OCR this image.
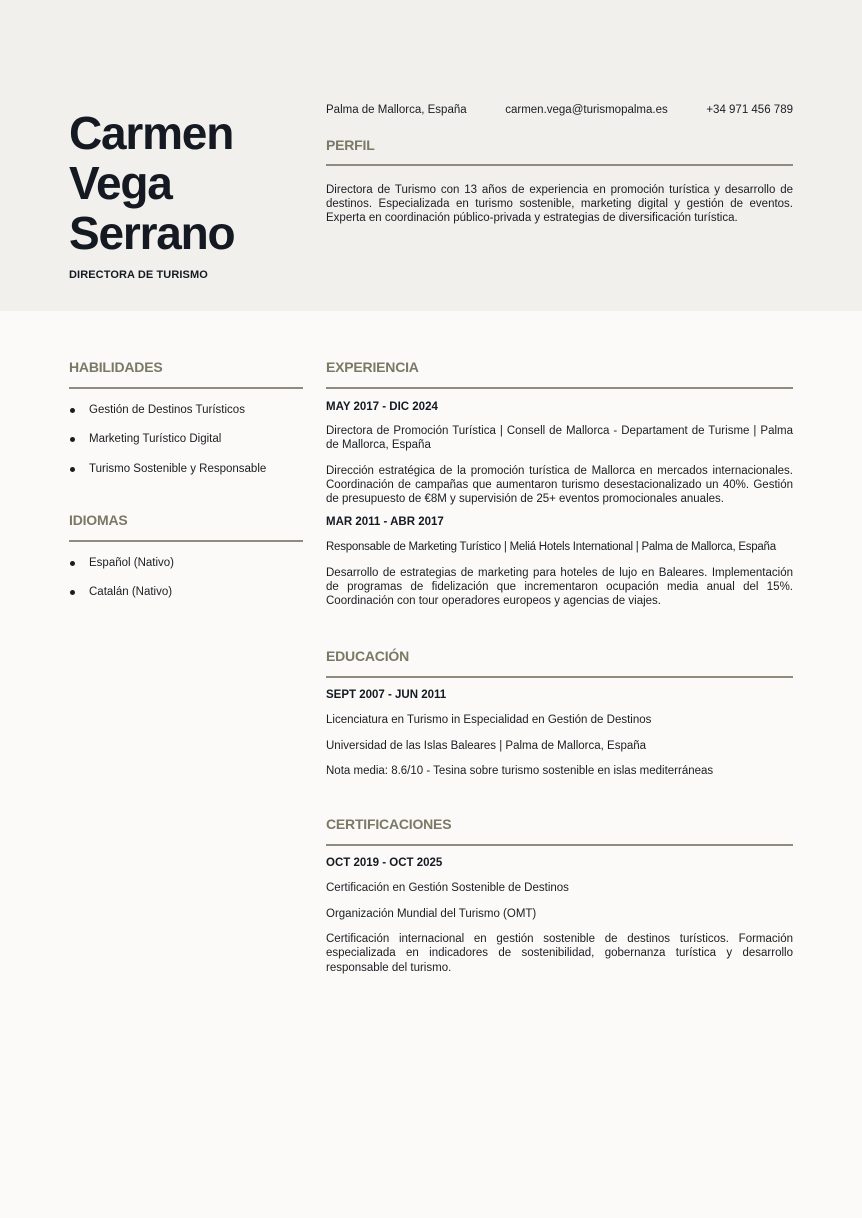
Carmen
Vega
Serrano
DIRECTORA DE TURISMO
Palma de Mallorca, España	carmen.vega@turismopalma.es	+34 971 456 789
PERFIL

Directora de Turismo con 13 años de experiencia en promoción turística y desarrollo de destinos. Especializada en turismo sostenible, marketing digital y gestión de eventos. Experta en coordinación público-privada y estrategias de diversificación turística.

HABILIDADES
Gestión de Destinos Turísticos
Marketing Turístico Digital
Turismo Sostenible y Responsable
IDIOMAS
Español (Nativo)
Catalán (Nativo)
EXPERIENCIA
MAY 2017 - DIC 2024
Directora de Promoción Turística | Consell de Mallorca - Departament de Turisme | Palma de Mallorca, España
Dirección estratégica de la promoción turística de Mallorca en mercados internacionales. Coordinación de campañas que aumentaron turismo desestacionalizado un 40%. Gestión de presupuesto de €8M y supervisión de 25+ eventos promocionales anuales.
MAR 2011 - ABR 2017
Responsable de Marketing Turístico | Meliá Hotels International | Palma de Mallorca, España
Desarrollo de estrategias de marketing para hoteles de lujo en Baleares. Implementación de programas de fidelización que incrementaron ocupación media anual del 15%. Coordinación con tour operadores europeos y agencias de viajes.
EDUCACIÓN
SEPT 2007 - JUN 2011
Licenciatura en Turismo in Especialidad en Gestión de Destinos
Universidad de las Islas Baleares | Palma de Mallorca, España
Nota media: 8.6/10 - Tesina sobre turismo sostenible en islas mediterráneas
CERTIFICACIONES
OCT 2019 - OCT 2025
Certificación en Gestión Sostenible de Destinos
Organización Mundial del Turismo (OMT)
Certificación internacional en gestión sostenible de destinos turísticos. Formación especializada en indicadores de sostenibilidad, gobernanza turística y desarrollo responsable del turismo.
